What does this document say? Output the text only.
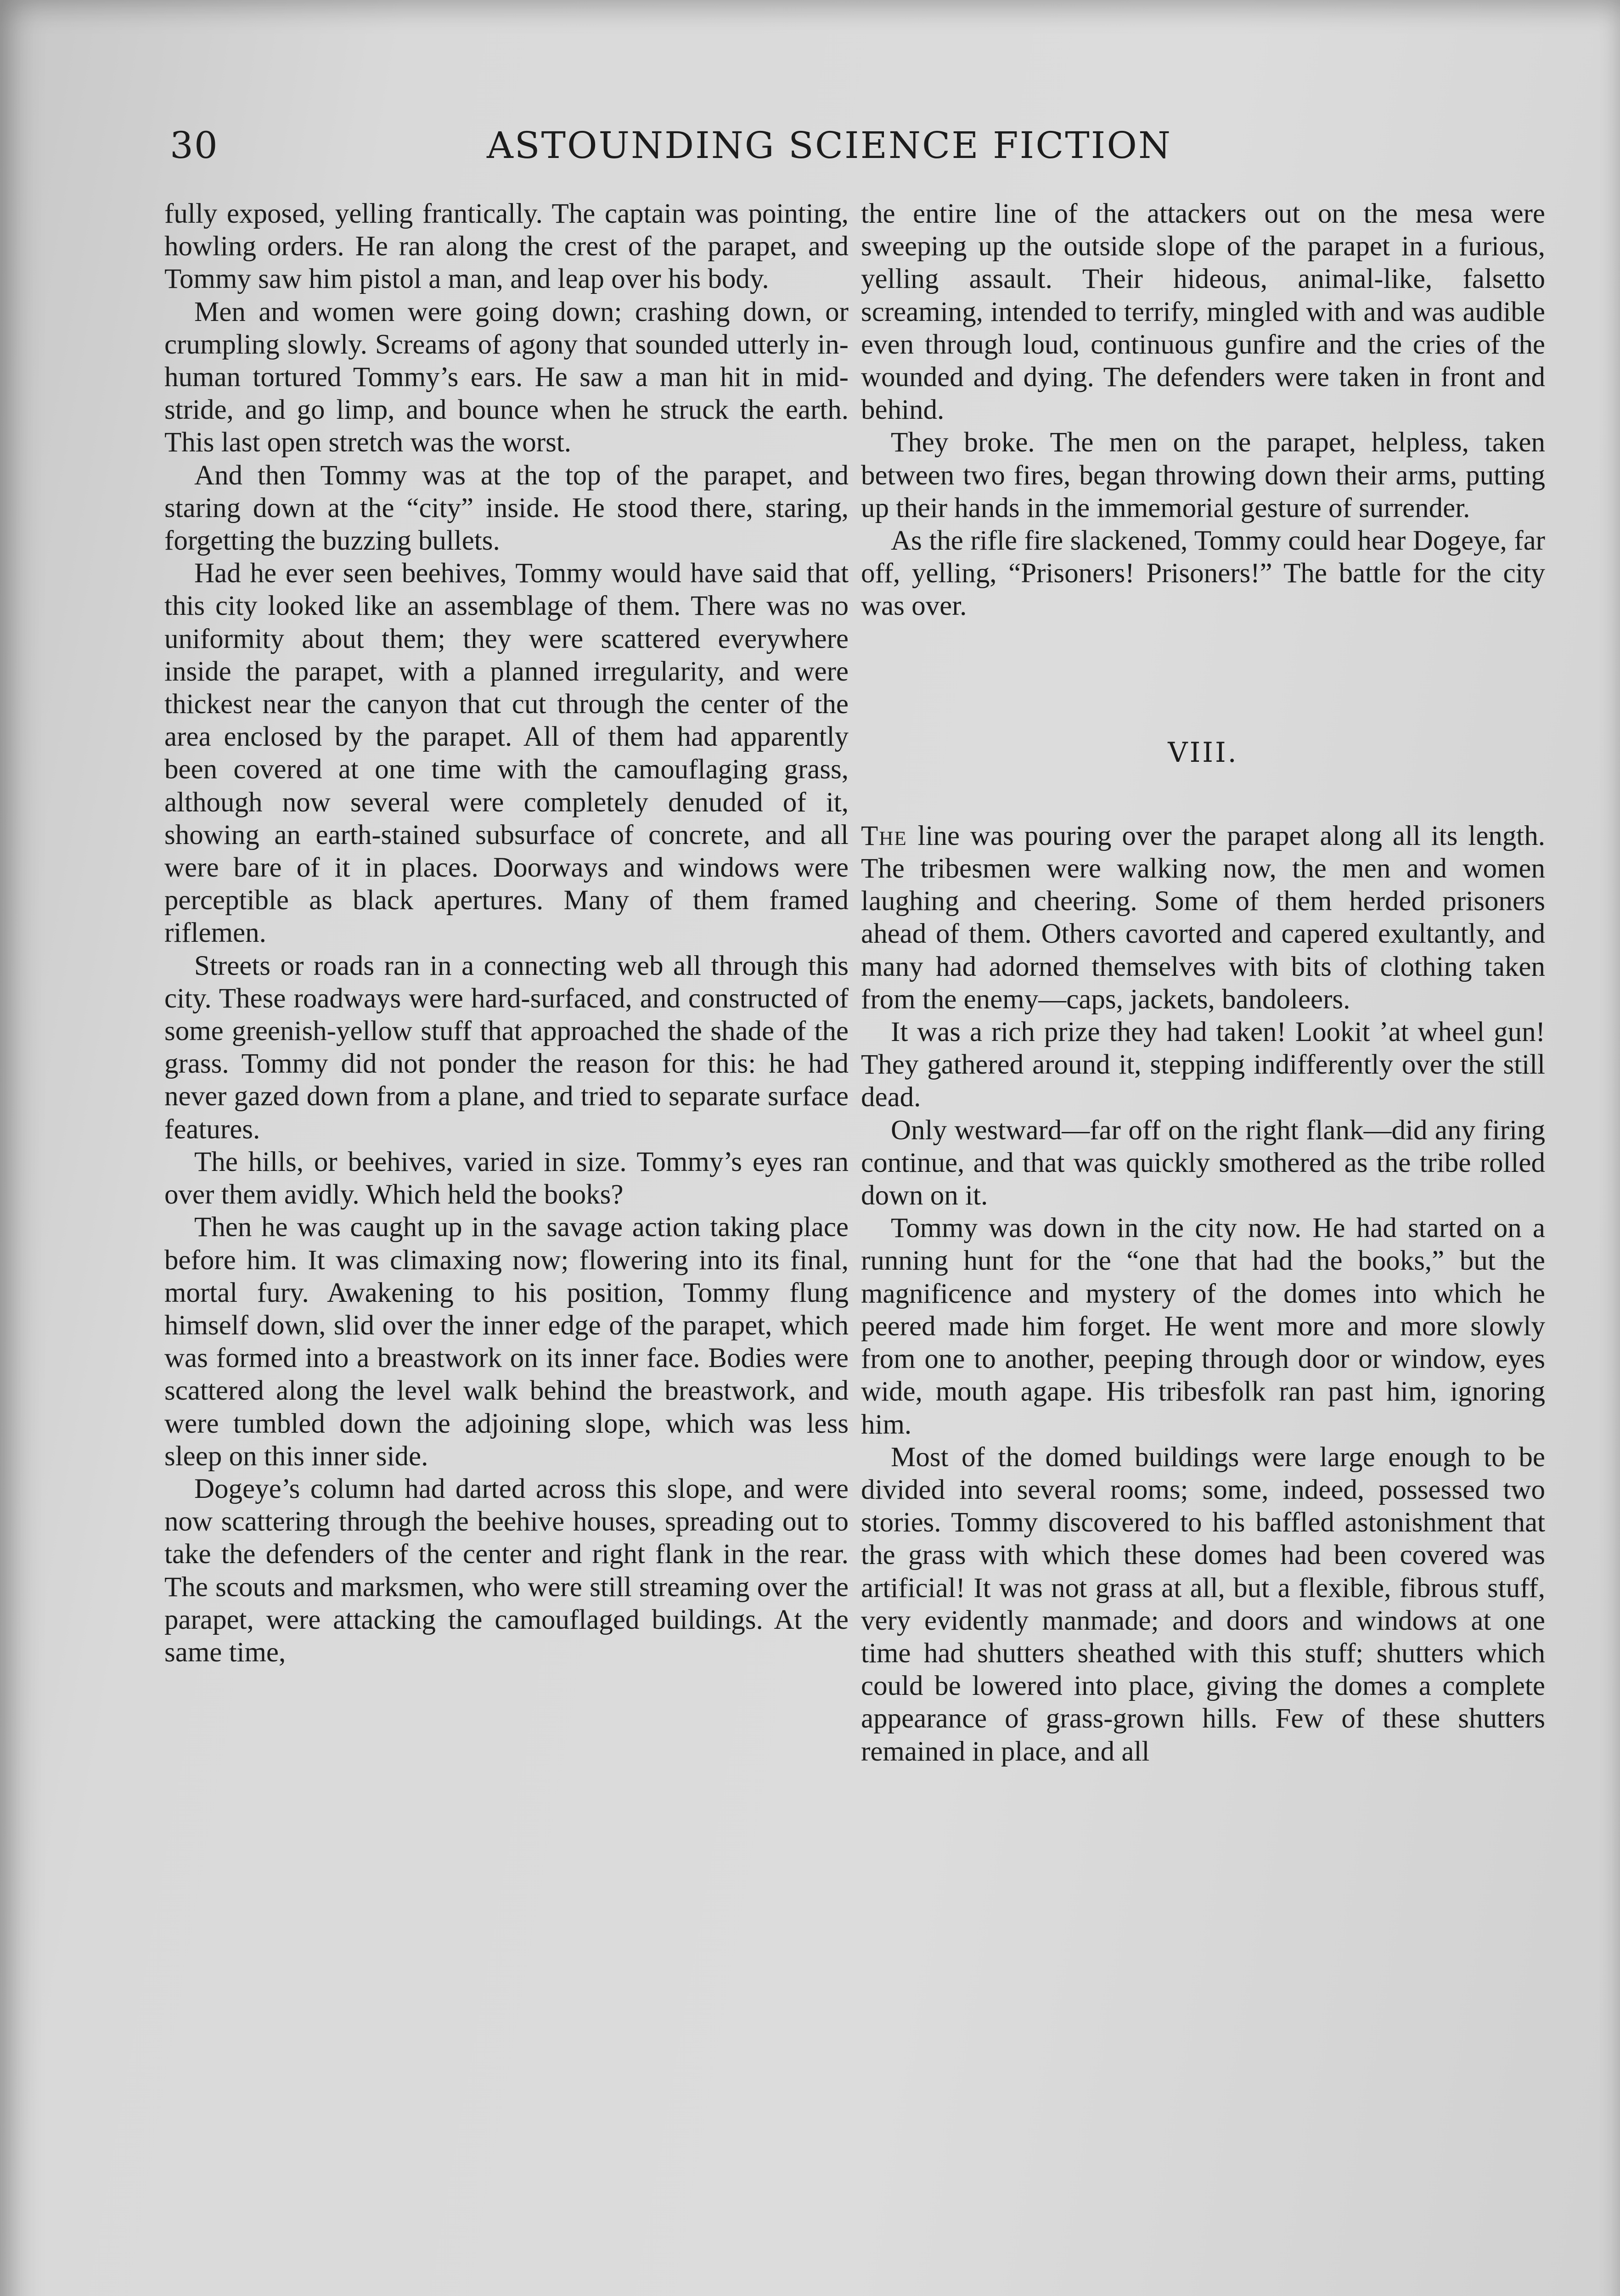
30	ASTOUNDING SCIENCE FICTION

fully exposed, yelling frantically. The captain was pointing, howling orders. He ran along the crest of the parapet, and Tommy saw him pistol a man, and leap over his body.

Men and women were going down; crashing down, or crumpling slowly. Screams of agony that sounded utterly inhuman tortured Tommy’s ears. He saw a man hit in mid-stride, and go limp, and bounce when he struck the earth. This last open stretch was the worst.

And then Tommy was at the top of the parapet, and staring down at the “city” inside. He stood there, staring, forgetting the buzzing bullets.

Had he ever seen beehives, Tommy would have said that this city looked like an assemblage of them. There was no uniformity about them; they were scattered everywhere inside the parapet, with a planned irregularity, and were thickest near the canyon that cut through the center of the area enclosed by the parapet. All of them had apparently been covered at one time with the camouflaging grass, although now several were completely denuded of it, showing an earth-stained subsurface of concrete, and all were bare of it in places. Doorways and windows were perceptible as black apertures. Many of them framed riflemen.

Streets or roads ran in a connecting web all through this city. These roadways were hard-surfaced, and constructed of some greenish-yellow stuff that approached the shade of the grass. Tommy did not ponder the reason for this: he had never gazed down from a plane, and tried to separate surface features.

The hills, or beehives, varied in size. Tommy’s eyes ran over them avidly. Which held the books?

Then he was caught up in the savage action taking place before him. It was climaxing now; flowering into its final, mortal fury. Awakening to his position, Tommy flung himself down, slid over the inner edge of the parapet, which was formed into a breastwork on its inner face. Bodies were scattered along the level walk behind the breastwork, and were tumbled down the adjoining slope, which was less sleep on this inner side.

Dogeye’s column had darted across this slope, and were now scattering through the beehive houses, spreading out to take the defenders of the center and right flank in the rear. The scouts and marksmen, who were still streaming over the parapet, were attacking the camouflaged buildings. At the same time,

the entire line of the attackers out on the mesa were sweeping up the outside slope of the parapet in a furious, yelling assault. Their hideous, animal-like, falsetto screaming, intended to terrify, mingled with and was audible even through loud, continuous gunfire and the cries of the wounded and dying. The defenders were taken in front and behind.

They broke. The men on the parapet, helpless, taken between two fires, began throwing down their arms, putting up their hands in the immemorial gesture of surrender.

As the rifle fire slackened, Tommy could hear Dogeye, far off, yelling, “Prisoners! Prisoners!” The battle for the city was over.

VIII.

The line was pouring over the parapet along all its length. The tribesmen were walking now, the men and women laughing and cheering. Some of them herded prisoners ahead of them. Others cavorted and capered exultantly, and many had adorned themselves with bits of clothing taken from the enemy—caps, jackets, bandoleers.

It was a rich prize they had taken! Lookit ’at wheel gun! They gathered around it, stepping indifferently over the still dead.

Only westward—far off on the right flank—did any firing continue, and that was quickly smothered as the tribe rolled down on it.

Tommy was down in the city now. He had started on a running hunt for the “one that had the books,” but the magnificence and mystery of the domes into which he peered made him forget. He went more and more slowly from one to another, peeping through door or window, eyes wide, mouth agape. His tribesfolk ran past him, ignoring him.

Most of the domed buildings were large enough to be divided into several rooms; some, indeed, possessed two stories. Tommy discovered to his baffled astonishment that the grass with which these domes had been covered was artificial! It was not grass at all, but a flexible, fibrous stuff, very evidently manmade; and doors and windows at one time had shutters sheathed with this stuff; shutters which could be lowered into place, giving the domes a complete appearance of grass-grown hills. Few of these shutters remained in place, and all
